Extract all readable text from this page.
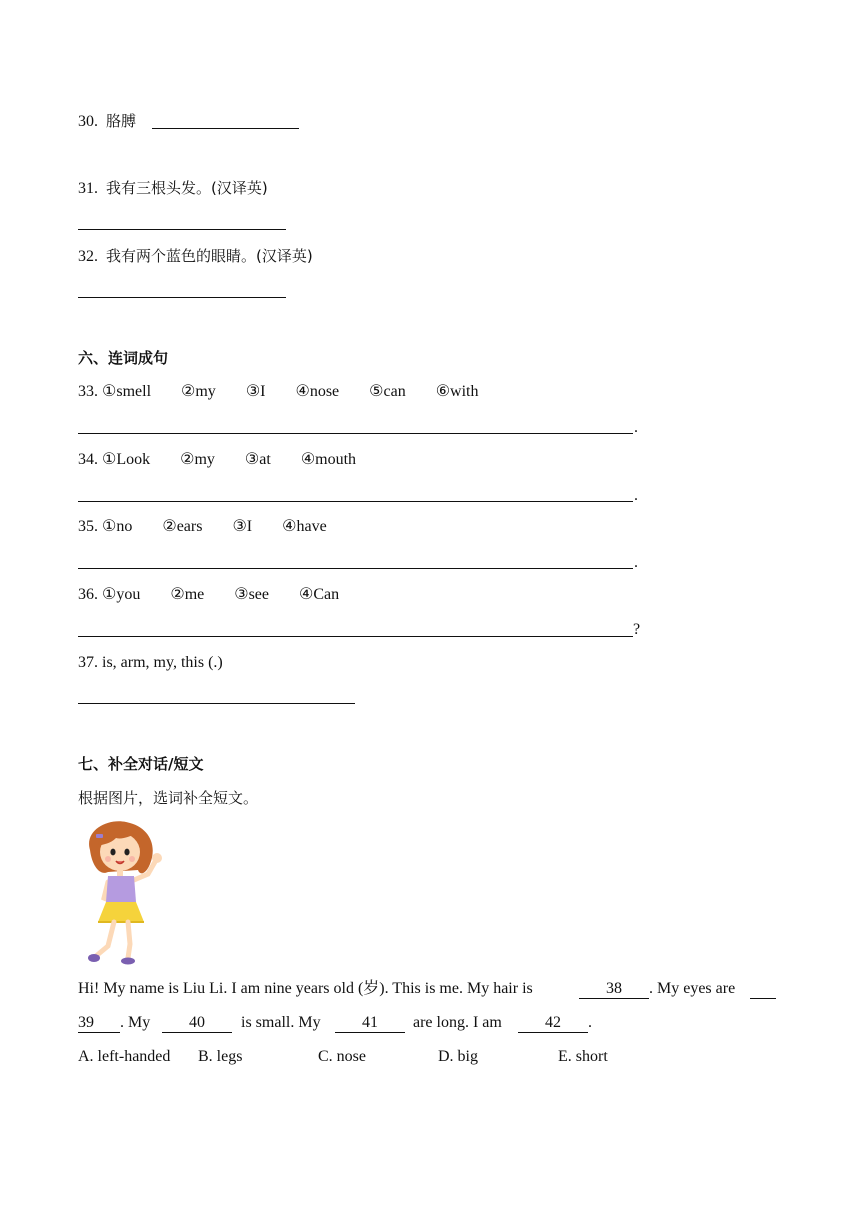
30. 胳膊
31. 我有三根头发。(汉译英)
32. 我有两个蓝色的眼睛。(汉译英)
六、连词成句
33. ①smell ②my ③I ④nose ⑤can ⑥with
.
34. ①Look ②my ③at ④mouth
.
35. ①no ②ears ③I ④have
.
36. ①you ②me ③see ④Can
?
37. is, arm, my, this (.)
七、补全对话/短文
根据图片，选词补全短文。
Hi! My name is Liu Li. I am nine years old (岁). This is me. My hair is	38	. My eyes are
39	. My	40	is small. My	41	are long. I am	42	.
A. left-handed B. legs	C. nose	D. big	E. short
